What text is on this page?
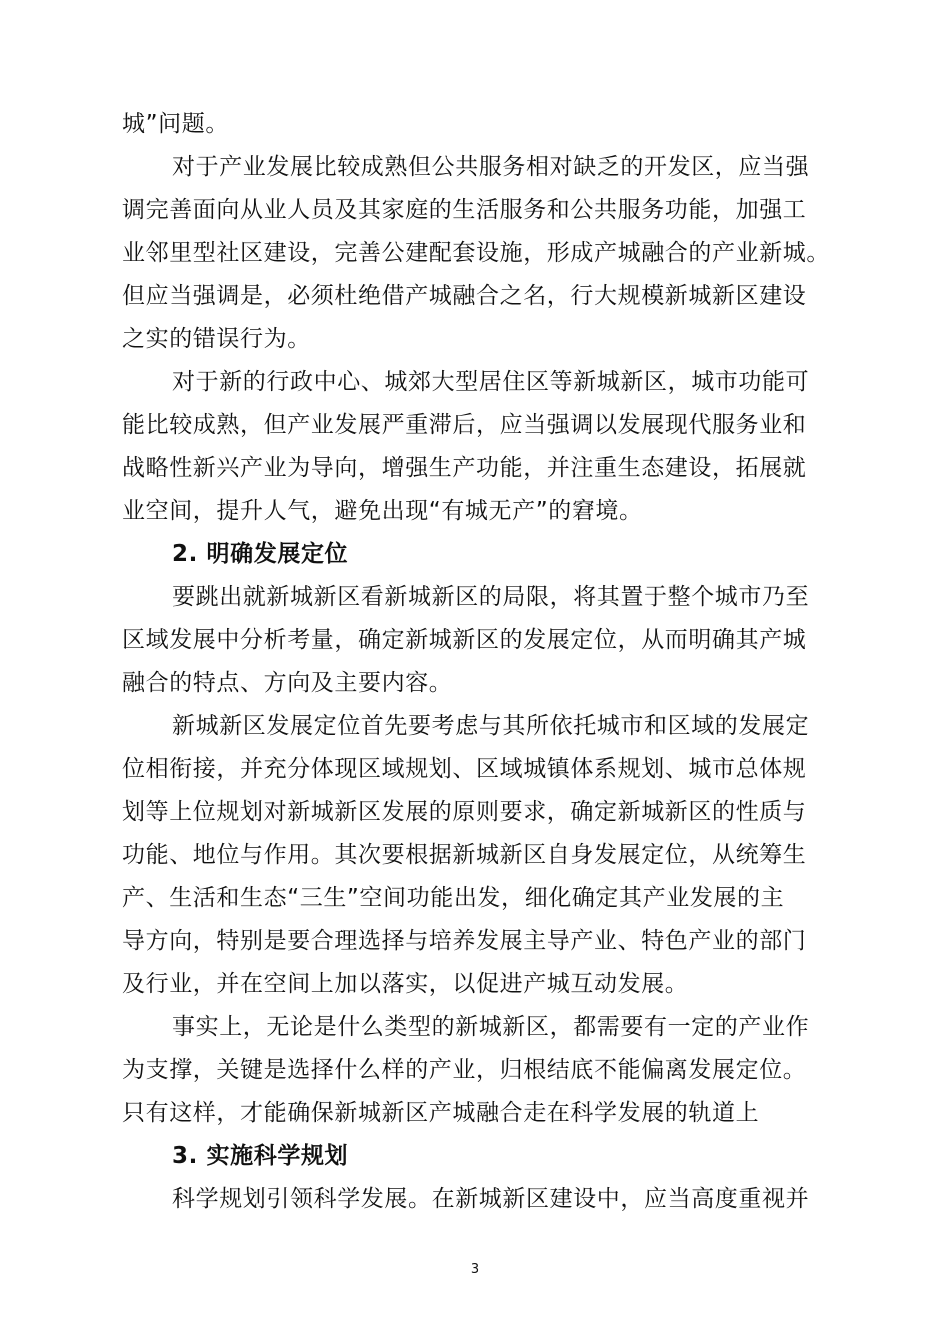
城”问题。
对于产业发展比较成熟但公共服务相对缺乏的开发区，应当强
调完善面向从业人员及其家庭的生活服务和公共服务功能，加强工
业邻里型社区建设，完善公建配套设施，形成产城融合的产业新城。
但应当强调是，必须杜绝借产城融合之名，行大规模新城新区建设
之实的错误行为。
对于新的行政中心、城郊大型居住区等新城新区，城市功能可
能比较成熟，但产业发展严重滞后，应当强调以发展现代服务业和
战略性新兴产业为导向，增强生产功能，并注重生态建设，拓展就
业空间，提升人气，避免出现“有城无产”的窘境。
2. 明确发展定位
要跳出就新城新区看新城新区的局限，将其置于整个城市乃至
区域发展中分析考量，确定新城新区的发展定位，从而明确其产城
融合的特点、方向及主要内容。
新城新区发展定位首先要考虑与其所依托城市和区域的发展定
位相衔接，并充分体现区域规划、区域城镇体系规划、城市总体规
划等上位规划对新城新区发展的原则要求，确定新城新区的性质与
功能、地位与作用。其次要根据新城新区自身发展定位，从统筹生
产、生活和生态“三生”空间功能出发，细化确定其产业发展的主
导方向，特别是要合理选择与培养发展主导产业、特色产业的部门
及行业，并在空间上加以落实，以促进产城互动发展。
事实上，无论是什么类型的新城新区，都需要有一定的产业作
为支撑，关键是选择什么样的产业，归根结底不能偏离发展定位。
只有这样，才能确保新城新区产城融合走在科学发展的轨道上
3. 实施科学规划
科学规划引领科学发展。在新城新区建设中，应当高度重视并
3
